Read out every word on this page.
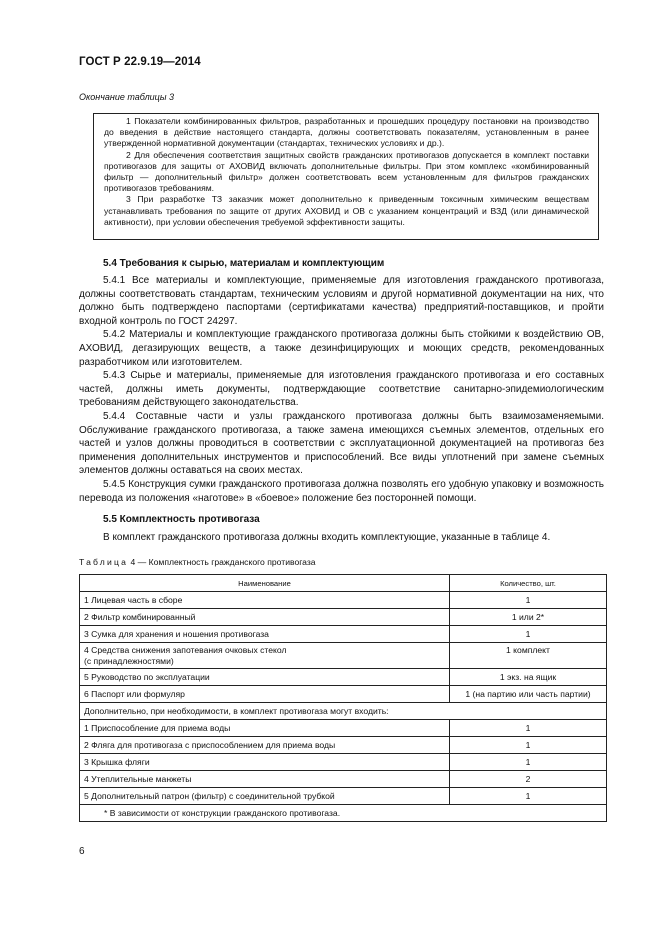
ГОСТ Р 22.9.19—2014
Окончание таблицы 3

1 Показатели комбинированных фильтров, разработанных и прошедших процедуру постановки на производство до введения в действие настоящего стандарта, должны соответствовать показателям, установленным в ранее утвержденной нормативной документации (стандартах, технических условиях и др.).

2 Для обеспечения соответствия защитных свойств гражданских противогазов допускается в комплект поставки противогазов для защиты от АХОВИД включать дополнительные фильтры. При этом комплекс «комбинированный фильтр — дополнительный фильтр» должен соответствовать всем установленным для фильтров гражданских противогазов требованиям.

3 При разработке ТЗ заказчик может дополнительно к приведенным токсичным химическим веществам устанавливать требования по защите от других АХОВИД и ОВ с указанием концентраций и ВЗД (или динамической активности), при условии обеспечения требуемой эффективности защиты.

5.4 Требования к сырью, материалам и комплектующим

5.4.1 Все материалы и комплектующие, применяемые для изготовления гражданского противогаза, должны соответствовать стандартам, техническим условиям и другой нормативной документации на них, что должно быть подтверждено паспортами (сертификатами качества) предприятий-поставщиков, и пройти входной контроль по ГОСТ 24297.

5.4.2 Материалы и комплектующие гражданского противогаза должны быть стойкими к воздействию ОВ, АХОВИД, дегазирующих веществ, а также дезинфицирующих и моющих средств, рекомендованных разработчиком или изготовителем.

5.4.3 Сырье и материалы, применяемые для изготовления гражданского противогаза и его составных частей, должны иметь документы, подтверждающие соответствие санитарно-эпидемиологическим требованиям действующего законодательства.

5.4.4 Составные части и узлы гражданского противогаза должны быть взаимозаменяемыми. Обслуживание гражданского противогаза, а также замена имеющихся съемных элементов, отдельных его частей и узлов должны проводиться в соответствии с эксплуатационной документацией на противогаз без применения дополнительных инструментов и приспособлений. Все виды уплотнений при замене съемных элементов должны оставаться на своих местах.

5.4.5 Конструкция сумки гражданского противогаза должна позволять его удобную упаковку и возможность перевода из положения «наготове» в «боевое» положение без посторонней помощи.

5.5 Комплектность противогаза

В комплект гражданского противогаза должны входить комплектующие, указанные в таблице 4.

Таблица 4 — Комплектность гражданского противогаза
Наименование	Количество, шт.
1 Лицевая часть в сборе	1
2 Фильтр комбинированный	1 или 2*
3 Сумка для хранения и ношения противогаза	1
4 Средства снижения запотевания очковых стекол
(с принадлежностями)	1 комплект
5 Руководство по эксплуатации	1 экз. на ящик
6 Паспорт или формуляр	1 (на партию или часть партии)
Дополнительно, при необходимости, в комплект противогаза могут входить:	
1 Приспособление для приема воды	1
2 Фляга для противогаза с приспособлением для приема воды	1
3 Крышка фляги	1
4 Утеплительные манжеты	2
5 Дополнительный патрон (фильтр) с соединительной трубкой	1
* В зависимости от конструкции гражданского противогаза.	
6
